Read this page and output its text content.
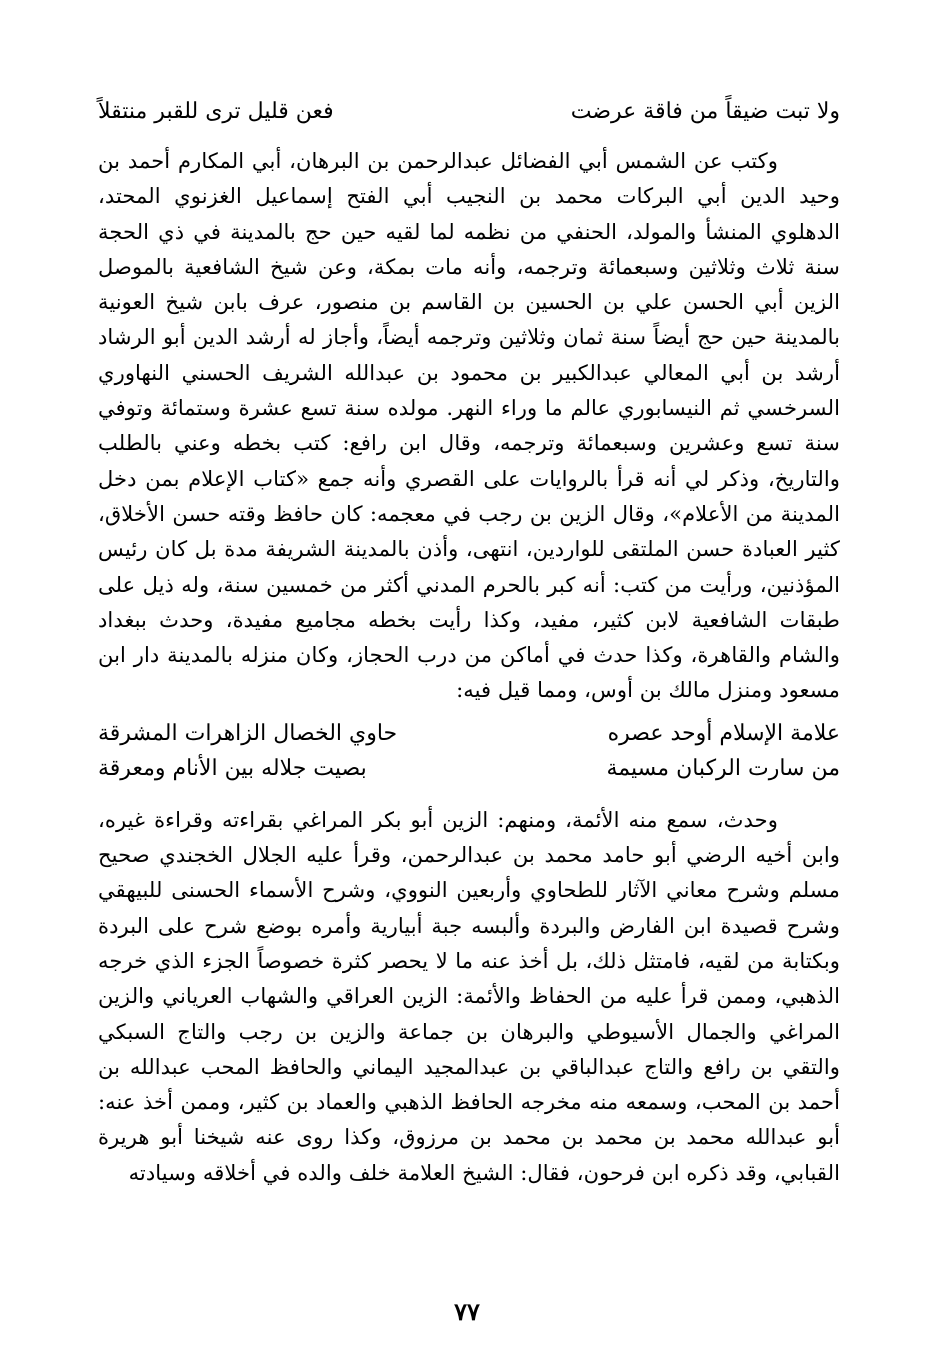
ولا تبت ضيقاً من فاقة عرضت
فعن قليل ترى للقبر منتقلاً

وكتب عن الشمس أبي الفضائل عبدالرحمن بن البرهان، أبي المكارم أحمد بن وحيد الدين أبي البركات محمد بن النجيب أبي الفتح إسماعيل الغزنوي المحتد، الدهلوي المنشأ والمولد، الحنفي من نظمه لما لقيه حين حج بالمدينة في ذي الحجة سنة ثلاث وثلاثين وسبعمائة وترجمه، وأنه مات بمكة، وعن شيخ الشافعية بالموصل الزين أبي الحسن علي بن الحسين بن القاسم بن منصور، عرف بابن شيخ العونية بالمدينة حين حج أيضاً سنة ثمان وثلاثين وترجمه أيضاً، وأجاز له أرشد الدين أبو الرشاد أرشد بن أبي المعالي عبدالكبير بن محمود بن عبدالله الشريف الحسني النهاوري السرخسي ثم النيسابوري عالم ما وراء النهر. مولده سنة تسع عشرة وستمائة وتوفي سنة تسع وعشرين وسبعمائة وترجمه، وقال ابن رافع: كتب بخطه وعني بالطلب والتاريخ، وذكر لي أنه قرأ بالروايات على القصري وأنه جمع «كتاب الإعلام بمن دخل المدينة من الأعلام»، وقال الزين بن رجب في معجمه: كان حافظ وقته حسن الأخلاق، كثير العبادة حسن الملتقى للواردين، انتهى، وأذن بالمدينة الشريفة مدة بل كان رئيس المؤذنين، ورأيت من كتب: أنه كبر بالحرم المدني أكثر من خمسين سنة، وله ذيل على طبقات الشافعية لابن كثير، مفيد، وكذا رأيت بخطه مجاميع مفيدة، وحدث ببغداد والشام والقاهرة، وكذا حدث في أماكن من درب الحجاز، وكان منزله بالمدينة دار ابن مسعود ومنزل مالك بن أوس، ومما قيل فيه:

علامة الإسلام أوحد عصره
حاوي الخصال الزاهرات المشرقة
من سارت الركبان مسيمة
بصيت جلاله بين الأنام ومعرقة

وحدث، سمع منه الأئمة، ومنهم: الزين أبو بكر المراغي بقراءته وقراءة غيره، وابن أخيه الرضي أبو حامد محمد بن عبدالرحمن، وقرأ عليه الجلال الخجندي صحيح مسلم وشرح معاني الآثار للطحاوي وأربعين النووي، وشرح الأسماء الحسنى للبيهقي وشرح قصيدة ابن الفارض والبردة وألبسه جبة أبيارية وأمره بوضع شرح على البردة وبكتابة من لقيه، فامتثل ذلك، بل أخذ عنه ما لا يحصر كثرة خصوصاً الجزء الذي خرجه الذهبي، وممن قرأ عليه من الحفاظ والأئمة: الزين العراقي والشهاب العرياني والزين المراغي والجمال الأسيوطي والبرهان بن جماعة والزين بن رجب والتاج السبكي والتقي بن رافع والتاج عبدالباقي بن عبدالمجيد اليماني والحافظ المحب عبدالله بن أحمد بن المحب، وسمعه منه مخرجه الحافظ الذهبي والعماد بن كثير، وممن أخذ عنه: أبو عبدالله محمد بن محمد بن محمد بن مرزوق، وكذا روى عنه شيخنا أبو هريرة القبابي، وقد ذكره ابن فرحون، فقال: الشيخ العلامة خلف والده في أخلاقه وسيادته

٧٧
